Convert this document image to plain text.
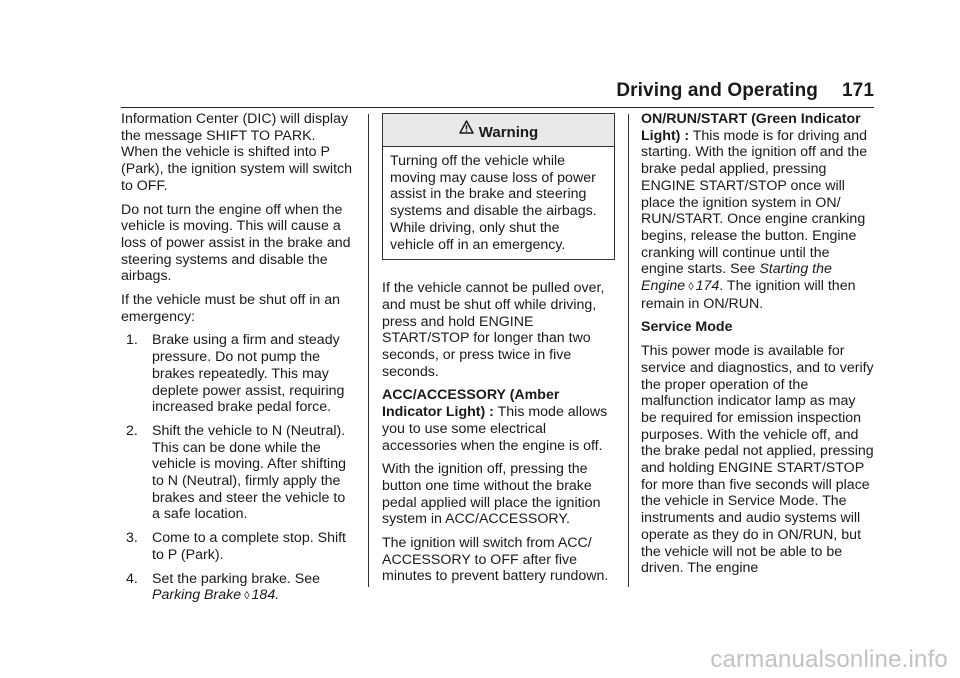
Driving and Operating 171

Information Center (DIC) will display the message SHIFT TO PARK. When the vehicle is shifted into P (Park), the ignition system will switch to OFF.

Do not turn the engine off when the vehicle is moving. This will cause a loss of power assist in the brake and steering systems and disable the airbags.

If the vehicle must be shut off in an emergency:

1. Brake using a firm and steady pressure. Do not pump the brakes repeatedly. This may deplete power assist, requiring increased brake pedal force.
2. Shift the vehicle to N (Neutral). This can be done while the vehicle is moving. After shifting to N (Neutral), firmly apply the brakes and steer the vehicle to a safe location.
3. Come to a complete stop. Shift to P (Park).
4. Set the parking brake. See
Parking Brake ◊ 184.
Warning
Turning off the vehicle while moving may cause loss of power assist in the brake and steering systems and disable the airbags. While driving, only shut the vehicle off in an emergency.

If the vehicle cannot be pulled over, and must be shut off while driving, press and hold ENGINE START/STOP for longer than two seconds, or press twice in five seconds.

ACC/ACCESSORY (Amber Indicator Light) : This mode allows you to use some electrical accessories when the engine is off.

With the ignition off, pressing the button one time without the brake pedal applied will place the ignition system in ACC/ACCESSORY.

The ignition will switch from ACC/ ACCESSORY to OFF after five minutes to prevent battery rundown.

ON/RUN/START (Green Indicator Light) : This mode is for driving and starting. With the ignition off and the brake pedal applied, pressing ENGINE START/STOP once will place the ignition system in ON/ RUN/START. Once engine cranking begins, release the button. Engine cranking will continue until the engine starts. See Starting the Engine ◊ 174. The ignition will then remain in ON/RUN.

Service Mode

This power mode is available for service and diagnostics, and to verify the proper operation of the malfunction indicator lamp as may be required for emission inspection purposes. With the vehicle off, and the brake pedal not applied, pressing and holding ENGINE START/STOP for more than five seconds will place the vehicle in Service Mode. The instruments and audio systems will operate as they do in ON/RUN, but the vehicle will not be able to be driven. The engine

carmanualsonline.info
